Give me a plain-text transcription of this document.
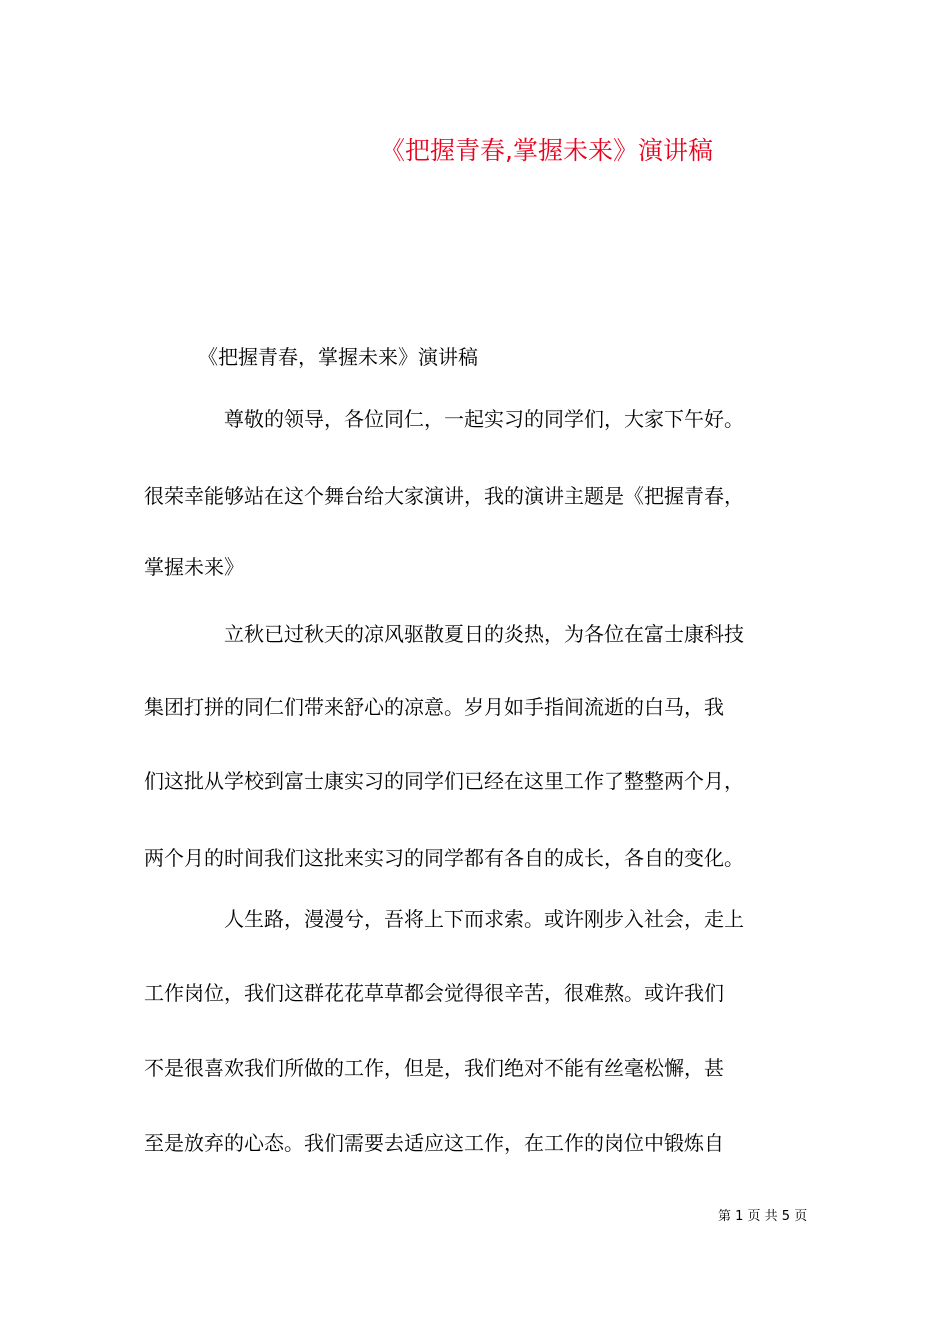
《把握青春,掌握未来》演讲稿
《把握青春，掌握未来》演讲稿
尊敬的领导，各位同仁，一起实习的同学们，大家下午好。
很荣幸能够站在这个舞台给大家演讲，我的演讲主题是《把握青春，
掌握未来》
立秋已过秋天的凉风驱散夏日的炎热，为各位在富士康科技
集团打拼的同仁们带来舒心的凉意。岁月如手指间流逝的白马，我
们这批从学校到富士康实习的同学们已经在这里工作了整整两个月，
两个月的时间我们这批来实习的同学都有各自的成长，各自的变化。
人生路，漫漫兮，吾将上下而求索。或许刚步入社会，走上
工作岗位，我们这群花花草草都会觉得很辛苦，很难熬。或许我们
不是很喜欢我们所做的工作，但是，我们绝对不能有丝毫松懈，甚
至是放弃的心态。我们需要去适应这工作，在工作的岗位中锻炼自
第 1 页 共 5 页
